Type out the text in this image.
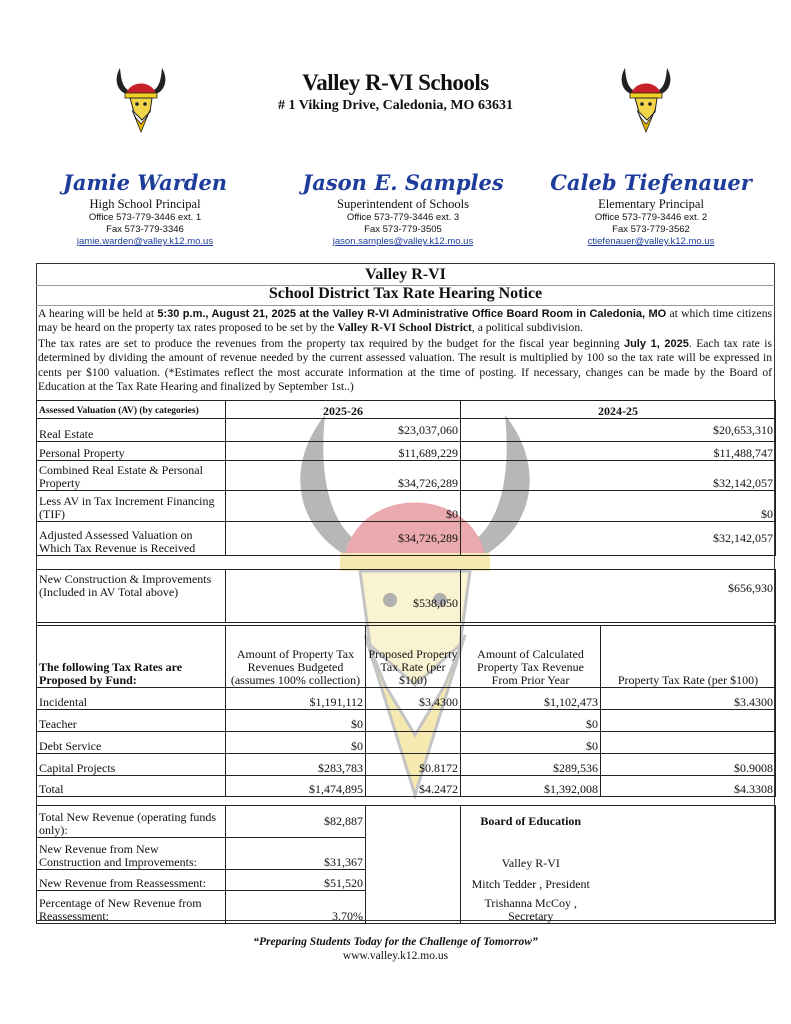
Valley R-VI Schools
# 1 Viking Drive, Caledonia, MO 63631
Jamie Warden
High School Principal
Office 573-779-3446 ext. 1
Fax 573-779-3346
jamie.warden@valley.k12.mo.us
Jason E. Samples
Superintendent of Schools
Office 573-779-3446 ext. 3
Fax 573-779-3505
jason.samples@valley.k12.mo.us
Caleb Tiefenauer
Elementary Principal
Office 573-779-3446 ext. 2
Fax 573-779-3562
ctiefenauer@valley.k12.mo.us
Valley R-VI
School District Tax Rate Hearing Notice
A hearing will be held at 5:30 p.m., August 21, 2025 at the Valley R-VI Administrative Office Board Room in Caledonia, MO at which time citizens may be heard on the property tax rates proposed to be set by the Valley R-VI School District, a political subdivision.
The tax rates are set to produce the revenues from the property tax required by the budget for the fiscal year beginning July 1, 2025. Each tax rate is determined by dividing the amount of revenue needed by the current assessed valuation. The result is multiplied by 100 so the tax rate will be expressed in cents per $100 valuation. (*Estimates reflect the most accurate information at the time of posting. If necessary, changes can be made by the Board of Education at the Tax Rate Hearing and finalized by September 1st..)
Assessed Valuation (AV) (by categories)	2025-26	2024-25
Real Estate	$23,037,060	$20,653,310
Personal Property	$11,689,229	$11,488,747
Combined Real Estate & Personal Property	$34,726,289	$32,142,057
Less AV in Tax Increment Financing (TIF)	$0	$0
Adjusted Assessed Valuation on Which Tax Revenue is Received	$34,726,289	$32,142,057
New Construction & Improvements (Included in AV Total above)	$538,050	$656,930
The following Tax Rates are Proposed by Fund:	Amount of Property Tax Revenues Budgeted (assumes 100% collection)	Proposed Property Tax Rate (per $100)	Amount of Calculated Property Tax Revenue From Prior Year	Property Tax Rate (per $100)
Incidental	$1,191,112	$3.4300	$1,102,473	$3.4300
Teacher	$0		$0	
Debt Service	$0		$0	
Capital Projects	$283,783	$0.8172	$289,536	$0.9008
Total	$1,474,895	$4.2472	$1,392,008	$4.3308
Total New Revenue (operating funds only):	$82,887		Board of Education	
New Revenue from New Construction and Improvements:	$31,367		Valley R-VI	
New Revenue from Reassessment:	$51,520		Mitch Tedder , President	
Percentage of New Revenue from Reassessment:	3.70%		Trishanna McCoy , Secretary	
“Preparing Students Today for the Challenge of Tomorrow”
www.valley.k12.mo.us
